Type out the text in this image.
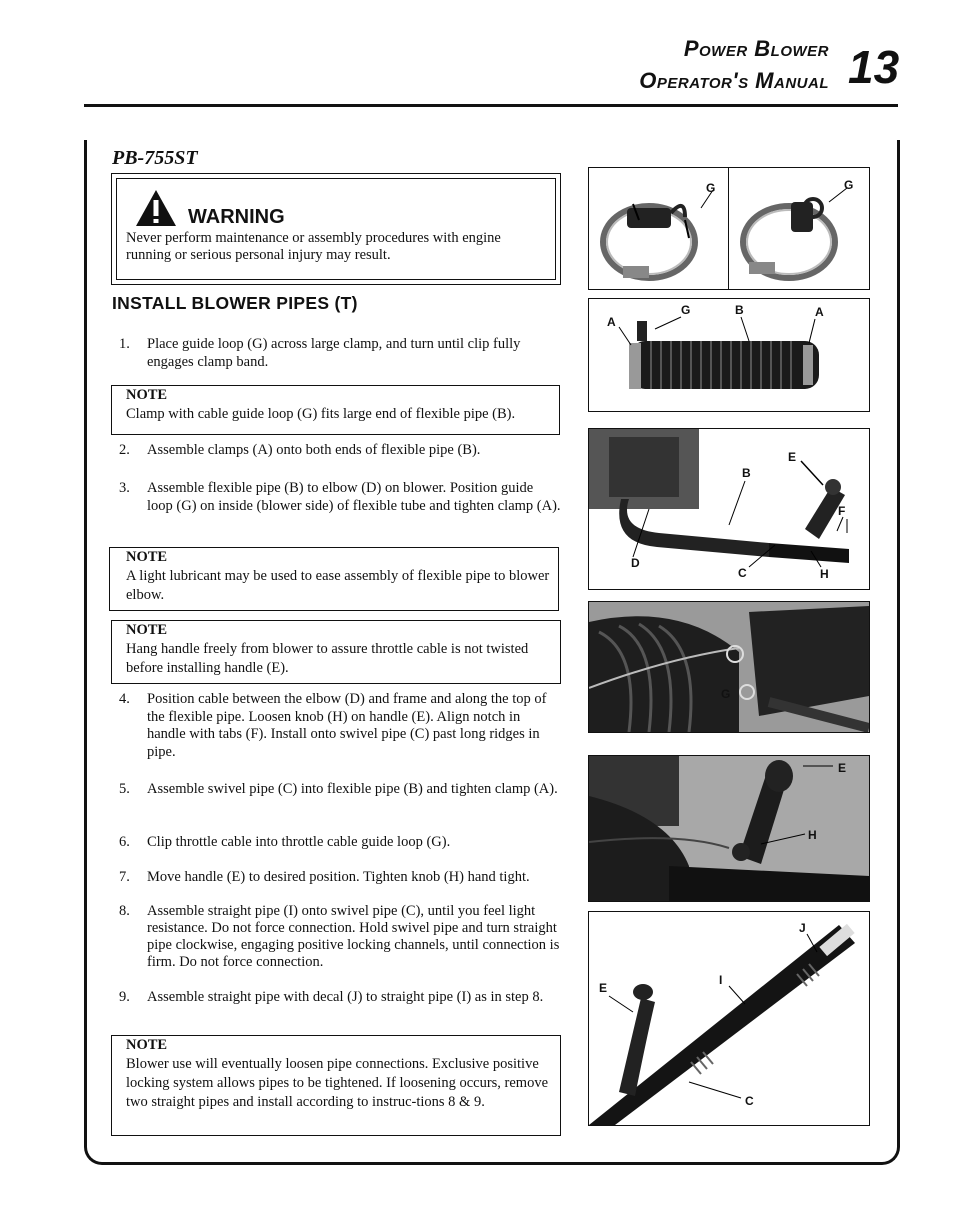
Power Blower
Operator's Manual 13
PB-755ST
WARNING
Never perform maintenance or assembly procedures with engine running or serious personal injury may result.
INSTALL BLOWER PIPES (T)
1. Place guide loop (G) across large clamp, and turn until clip fully engages clamp band.
NOTE
Clamp with cable guide loop (G) fits large end of flexible pipe (B).
2. Assemble clamps (A) onto both ends of flexible pipe (B).
3. Assemble flexible pipe (B) to elbow (D) on blower. Position guide loop (G) on inside (blower side) of flexible tube and tighten clamp (A).
NOTE
A light lubricant may be used to ease assembly of flexible pipe to blower elbow.
NOTE
Hang handle freely from blower to assure throttle cable is not twisted before installing handle (E).
4. Position cable between the elbow (D) and frame and along the top of the flexible pipe. Loosen knob (H) on handle (E). Align notch in handle with tabs (F). Install onto swivel pipe (C) past long ridges in pipe.
5. Assemble swivel pipe (C) into flexible pipe (B) and tighten clamp (A).
6. Clip throttle cable into throttle cable guide loop (G).
7. Move handle (E) to desired position. Tighten knob (H) hand tight.
8. Assemble straight pipe (I) onto swivel pipe (C), until you feel light resistance. Do not force connection. Hold swivel pipe and turn straight pipe clockwise, engaging positive locking channels, until connection is firm. Do not force connection.
9. Assemble straight pipe with decal (J) to straight pipe (I) as in step 8.
NOTE
Blower use will eventually loosen pipe connections. Exclusive positive locking system allows pipes to be tightened. If loosening occurs, remove two straight pipes and install according to instruc-tions 8 & 9.
G	G
A
G	B	A
B
E
F
D
C	H
G
E
H
J
I
E
C
